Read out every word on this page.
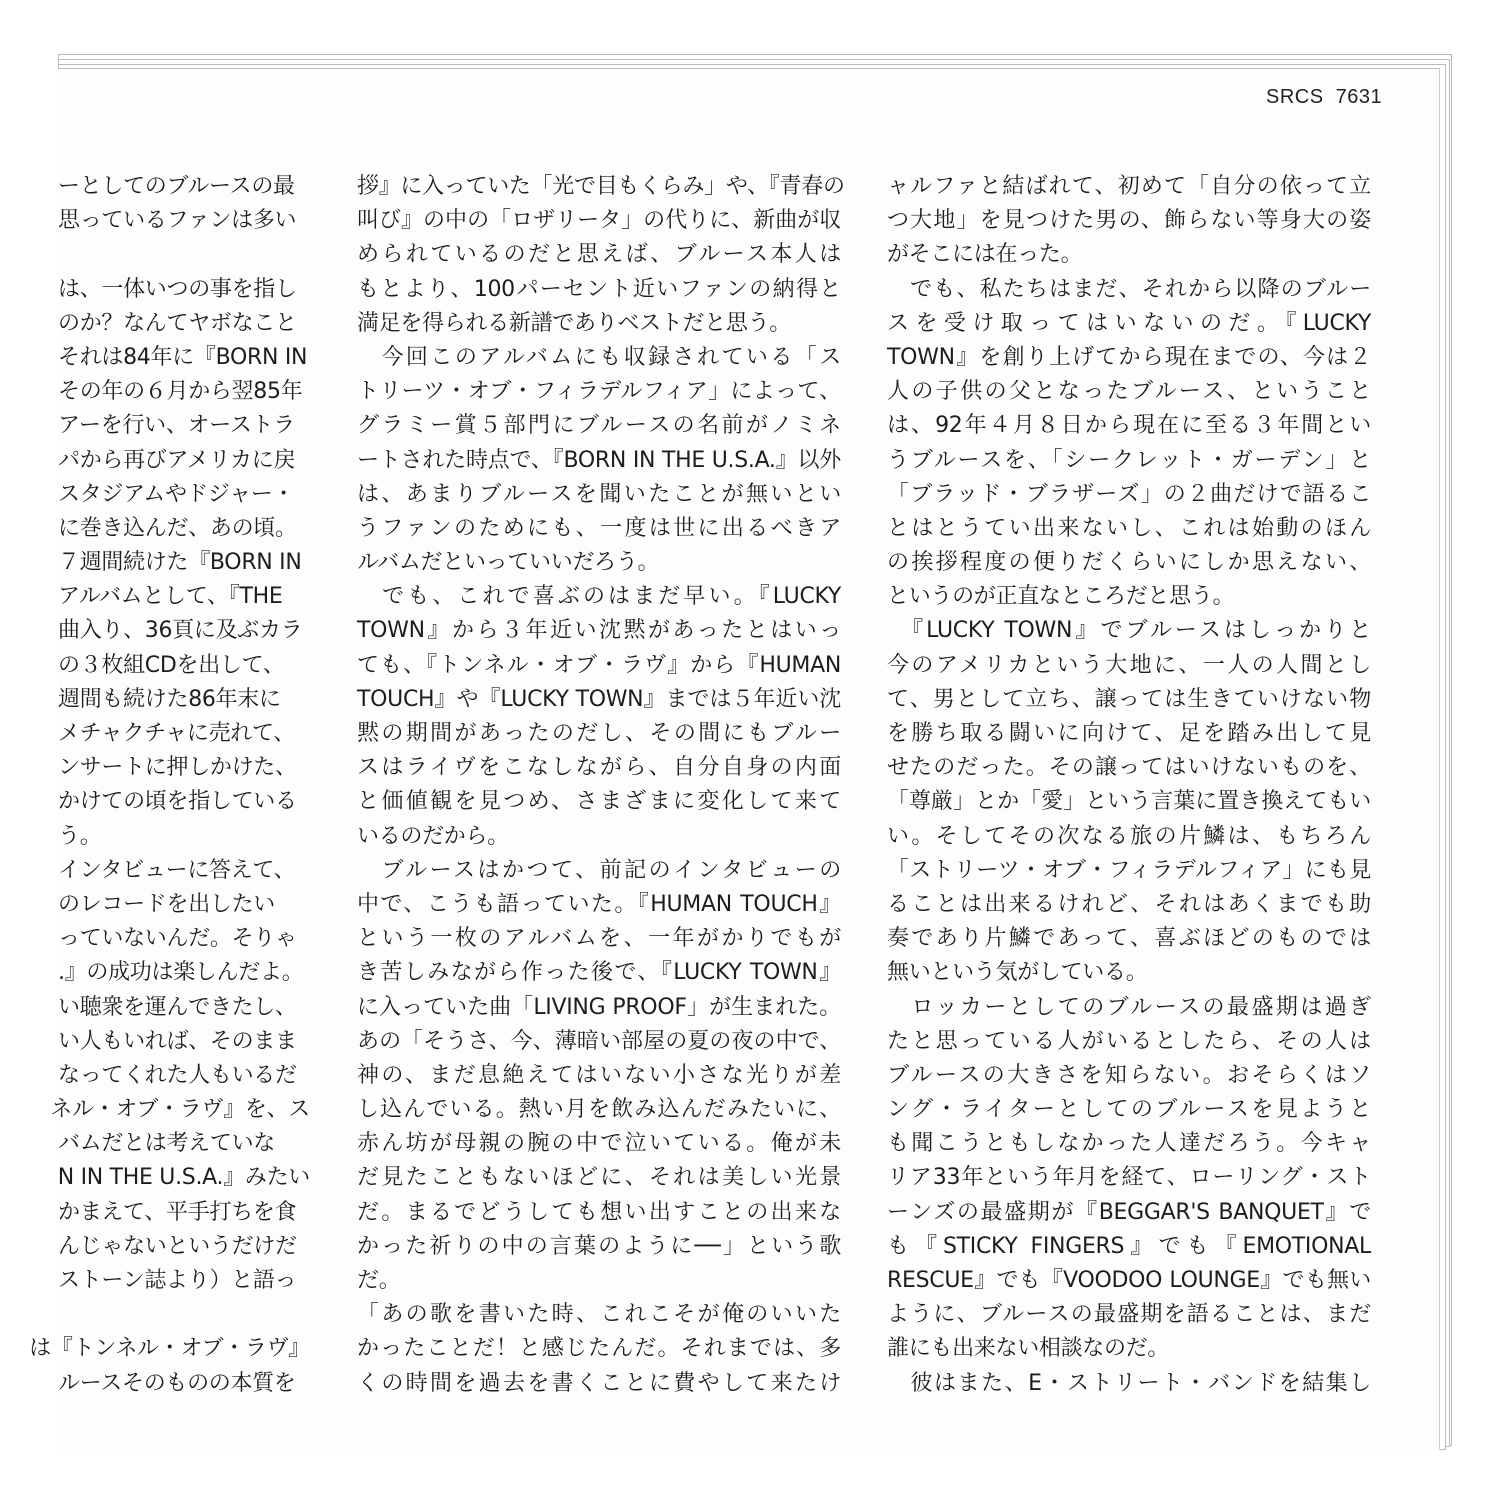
SRCS 7631
ーとしてのブルースの最
思っているファンは多い
は、一体いつの事を指し
のか？なんてヤボなこと
それは84年に『BORN IN
その年の６月から翌85年
アーを行い、オーストラ
パから再びアメリカに戻
スタジアムやドジャー・
に巻き込んだ、あの頃。
７週間続けた『BORN IN
アルバムとして、『THE
曲入り、36頁に及ぶカラ
の３枚組CDを出して、
週間も続けた86年末に
メチャクチャに売れて、
ンサートに押しかけた、
かけての頃を指している
う。
インタビューに答えて、
のレコードを出したい
っていないんだ。そりゃ
.』の成功は楽しんだよ。
い聴衆を運んできたし、
い人もいれば、そのまま
なってくれた人もいるだ
ネル・オブ・ラヴ』を、ス
バムだとは考えていな
N IN THE U.S.A.』みたい
かまえて、平手打ちを食
んじゃないというだけだ
ストーン誌より）と語っ
は『トンネル・オブ・ラヴ』
ルースそのものの本質を
拶』に入っていた「光で目もくらみ」や、『青春の
叫び』の中の「ロザリータ」の代りに、新曲が収
められているのだと思えば、ブルース本人は
もとより、100パーセント近いファンの納得と
満足を得られる新譜でありベストだと思う。
　今回このアルバムにも収録されている「ス
トリーツ・オブ・フィラデルフィア」によって、
グラミー賞５部門にブルースの名前がノミネ
ートされた時点で、『BORN IN THE U.S.A.』以外
は、あまりブルースを聞いたことが無いとい
うファンのためにも、一度は世に出るべきア
ルバムだといっていいだろう。
　でも、これで喜ぶのはまだ早い。『LUCKY
TOWN』から３年近い沈黙があったとはいっ
ても、『トンネル・オブ・ラヴ』から『HUMAN
TOUCH』や『LUCKY TOWN』までは５年近い沈
黙の期間があったのだし、その間にもブルー
スはライヴをこなしながら、自分自身の内面
と価値観を見つめ、さまざまに変化して来て
いるのだから。
　ブルースはかつて、前記のインタビューの
中で、こうも語っていた。『HUMAN TOUCH』
という一枚のアルバムを、一年がかりでもが
き苦しみながら作った後で、『LUCKY TOWN』
に入っていた曲「LIVING PROOF」が生まれた。
あの「そうさ、今、薄暗い部屋の夏の夜の中で、
神の、まだ息絶えてはいない小さな光りが差
し込んでいる。熱い月を飲み込んだみたいに、
赤ん坊が母親の腕の中で泣いている。俺が未
だ見たこともないほどに、それは美しい光景
だ。まるでどうしても想い出すことの出来な
かった祈りの中の言葉のように──」という歌
だ。
「あの歌を書いた時、これこそが俺のいいた
かったことだ！と感じたんだ。それまでは、多
くの時間を過去を書くことに費やして来たけ
ャルファと結ばれて、初めて「自分の依って立
つ大地」を見つけた男の、飾らない等身大の姿
がそこには在った。
　でも、私たちはまだ、それから以降のブルー
スを受け取ってはいないのだ。『LUCKY
TOWN』を創り上げてから現在までの、今は２
人の子供の父となったブルース、ということ
は、92年４月８日から現在に至る３年間とい
うブルースを、「シークレット・ガーデン」と
「ブラッド・ブラザーズ」の２曲だけで語るこ
とはとうてい出来ないし、これは始動のほん
の挨拶程度の便りだくらいにしか思えない、
というのが正直なところだと思う。
　『LUCKY TOWN』でブルースはしっかりと
今のアメリカという大地に、一人の人間とし
て、男として立ち、譲っては生きていけない物
を勝ち取る闘いに向けて、足を踏み出して見
せたのだった。その譲ってはいけないものを、
「尊厳」とか「愛」という言葉に置き換えてもい
い。そしてその次なる旅の片鱗は、もちろん
「ストリーツ・オブ・フィラデルフィア」にも見
ることは出来るけれど、それはあくまでも助
奏であり片鱗であって、喜ぶほどのものでは
無いという気がしている。
　ロッカーとしてのブルースの最盛期は過ぎ
たと思っている人がいるとしたら、その人は
ブルースの大きさを知らない。おそらくはソ
ング・ライターとしてのブルースを見ようと
も聞こうともしなかった人達だろう。今キャ
リア33年という年月を経て、ローリング・スト
ーンズの最盛期が『BEGGAR'S BANQUET』で
も『STICKY FINGERS』でも『EMOTIONAL
RESCUE』でも『VOODOO LOUNGE』でも無い
ように、ブルースの最盛期を語ることは、まだ
誰にも出来ない相談なのだ。
　彼はまた、E・ストリート・バンドを結集し
